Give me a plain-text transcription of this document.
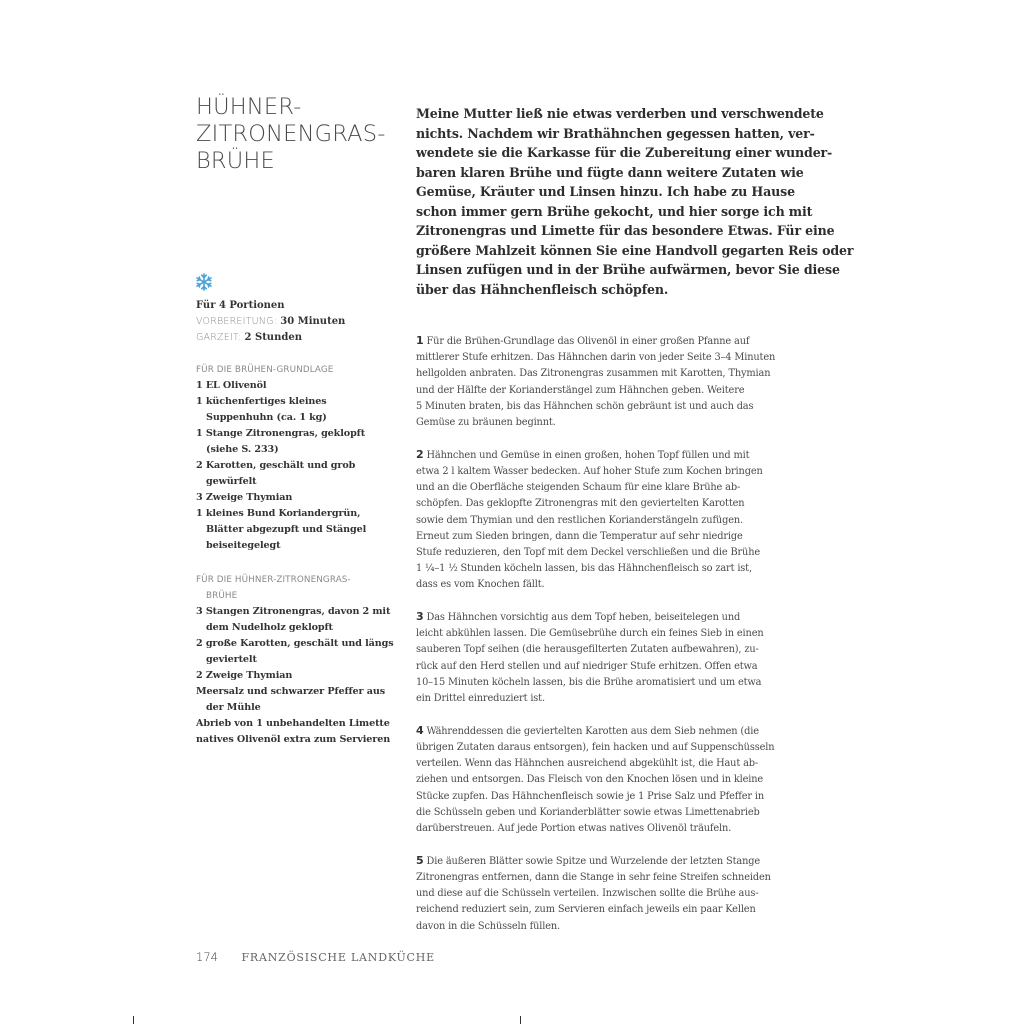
HÜHNER-
ZITRONENGRAS-
BRÜHE
Für 4 Portionen
VORBEREITUNG: 30 Minuten
GARZEIT: 2 Stunden
FÜR DIE BRÜHEN-GRUNDLAGE
1 EL Olivenöl
1 küchenfertiges kleines Suppenhuhn (ca. 1 kg)
1 Stange Zitronengras, geklopft (siehe S. 233)
2 Karotten, geschält und grob gewürfelt
3 Zweige Thymian
1 kleines Bund Koriandergrün, Blätter abgezupft und Stängel beiseitegelegt
FÜR DIE HÜHNER-ZITRONENGRAS-
BRÜHE
3 Stangen Zitronengras, davon 2 mit dem Nudelholz geklopft
2 große Karotten, geschält und längs geviertelt
2 Zweige Thymian
Meersalz und schwarzer Pfeffer aus der Mühle
Abrieb von 1 unbehandelten Limette
natives Olivenöl extra zum Servieren
Meine Mutter ließ nie etwas verderben und verschwendete
nichts. Nachdem wir Brathähnchen gegessen hatten, ver-
wendete sie die Karkasse für die Zubereitung einer wunder-
baren klaren Brühe und fügte dann weitere Zutaten wie
Gemüse, Kräuter und Linsen hinzu. Ich habe zu Hause
schon immer gern Brühe gekocht, und hier sorge ich mit
Zitronengras und Limette für das besondere Etwas. Für eine
größere Mahlzeit können Sie eine Handvoll gegarten Reis oder
Linsen zufügen und in der Brühe aufwärmen, bevor Sie diese
über das Hähnchenfleisch schöpfen.
1 Für die Brühen-Grundlage das Olivenöl in einer großen Pfanne auf
mittlerer Stufe erhitzen. Das Hähnchen darin von jeder Seite 3–4 Minuten
hellgolden anbraten. Das Zitronengras zusammen mit Karotten, Thymian
und der Hälfte der Korianderstängel zum Hähnchen geben. Weitere
5 Minuten braten, bis das Hähnchen schön gebräunt ist und auch das
Gemüse zu bräunen beginnt.
2 Hähnchen und Gemüse in einen großen, hohen Topf füllen und mit
etwa 2 l kaltem Wasser bedecken. Auf hoher Stufe zum Kochen bringen
und an die Oberfläche steigenden Schaum für eine klare Brühe ab-
schöpfen. Das geklopfte Zitronengras mit den geviertelten Karotten
sowie dem Thymian und den restlichen Korianderstängeln zufügen.
Erneut zum Sieden bringen, dann die Temperatur auf sehr niedrige
Stufe reduzieren, den Topf mit dem Deckel verschließen und die Brühe
1 ¼–1 ½ Stunden köcheln lassen, bis das Hähnchenfleisch so zart ist,
dass es vom Knochen fällt.
3 Das Hähnchen vorsichtig aus dem Topf heben, beiseitelegen und
leicht abkühlen lassen. Die Gemüsebrühe durch ein feines Sieb in einen
sauberen Topf seihen (die herausgefilterten Zutaten aufbewahren), zu-
rück auf den Herd stellen und auf niedriger Stufe erhitzen. Offen etwa
10–15 Minuten köcheln lassen, bis die Brühe aromatisiert und um etwa
ein Drittel einreduziert ist.
4 Währenddessen die geviertelten Karotten aus dem Sieb nehmen (die
übrigen Zutaten daraus entsorgen), fein hacken und auf Suppenschüsseln
verteilen. Wenn das Hähnchen ausreichend abgekühlt ist, die Haut ab-
ziehen und entsorgen. Das Fleisch von den Knochen lösen und in kleine
Stücke zupfen. Das Hähnchenfleisch sowie je 1 Prise Salz und Pfeffer in
die Schüsseln geben und Korianderblätter sowie etwas Limettenabrieb
darüberstreuen. Auf jede Portion etwas natives Olivenöl träufeln.
5 Die äußeren Blätter sowie Spitze und Wurzelende der letzten Stange
Zitronengras entfernen, dann die Stange in sehr feine Streifen schneiden
und diese auf die Schüsseln verteilen. Inzwischen sollte die Brühe aus-
reichend reduziert sein, zum Servieren einfach jeweils ein paar Kellen
davon in die Schüsseln füllen.
174 FRANZÖSISCHE LANDKÜCHE
